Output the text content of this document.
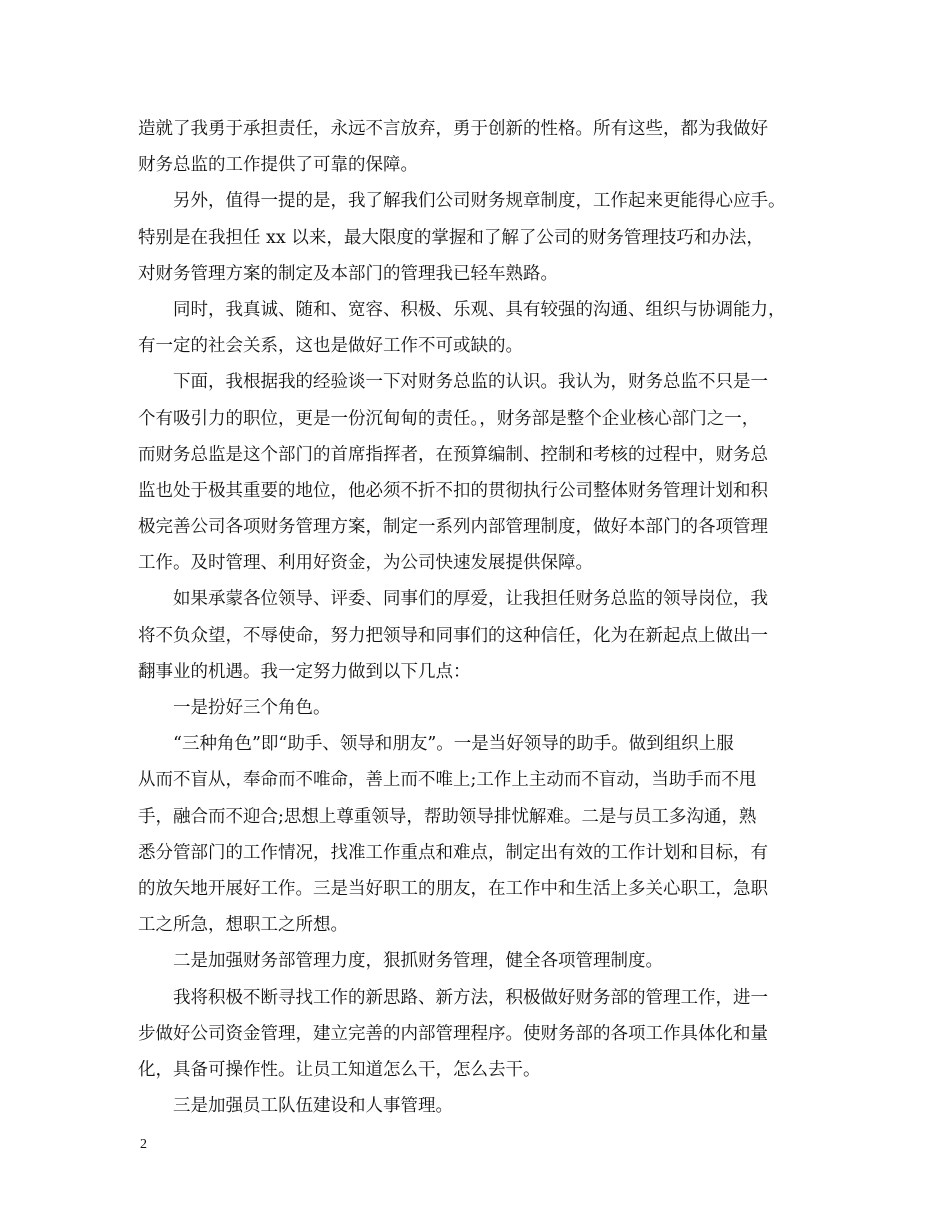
造就了我勇于承担责任，永远不言放弃，勇于创新的性格。所有这些，都为我做好
财务总监的工作提供了可靠的保障。
另外，值得一提的是，我了解我们公司财务规章制度，工作起来更能得心应手。
特别是在我担任 xx 以来，最大限度的掌握和了解了公司的财务管理技巧和办法，
对财务管理方案的制定及本部门的管理我已轻车熟路。
同时，我真诚、随和、宽容、积极、乐观、具有较强的沟通、组织与协调能力，
有一定的社会关系，这也是做好工作不可或缺的。
下面，我根据我的经验谈一下对财务总监的认识。我认为，财务总监不只是一
个有吸引力的职位，更是一份沉甸甸的责任。，财务部是整个企业核心部门之一，
而财务总监是这个部门的首席指挥者，在预算编制、控制和考核的过程中，财务总
监也处于极其重要的地位，他必须不折不扣的贯彻执行公司整体财务管理计划和积
极完善公司各项财务管理方案，制定一系列内部管理制度，做好本部门的各项管理
工作。及时管理、利用好资金，为公司快速发展提供保障。
如果承蒙各位领导、评委、同事们的厚爱，让我担任财务总监的领导岗位，我
将不负众望，不辱使命，努力把领导和同事们的这种信任，化为在新起点上做出一
翻事业的机遇。我一定努力做到以下几点：
一是扮好三个角色。
“三种角色”即“助手、领导和朋友”。一是当好领导的助手。做到组织上服
从而不盲从，奉命而不唯命，善上而不唯上;工作上主动而不盲动，当助手而不甩
手，融合而不迎合;思想上尊重领导，帮助领导排忧解难。二是与员工多沟通，熟
悉分管部门的工作情况，找准工作重点和难点，制定出有效的工作计划和目标，有
的放矢地开展好工作。三是当好职工的朋友，在工作中和生活上多关心职工，急职
工之所急，想职工之所想。
二是加强财务部管理力度，狠抓财务管理，健全各项管理制度。
我将积极不断寻找工作的新思路、新方法，积极做好财务部的管理工作，进一
步做好公司资金管理，建立完善的内部管理程序。使财务部的各项工作具体化和量
化，具备可操作性。让员工知道怎么干，怎么去干。
三是加强员工队伍建设和人事管理。
2
